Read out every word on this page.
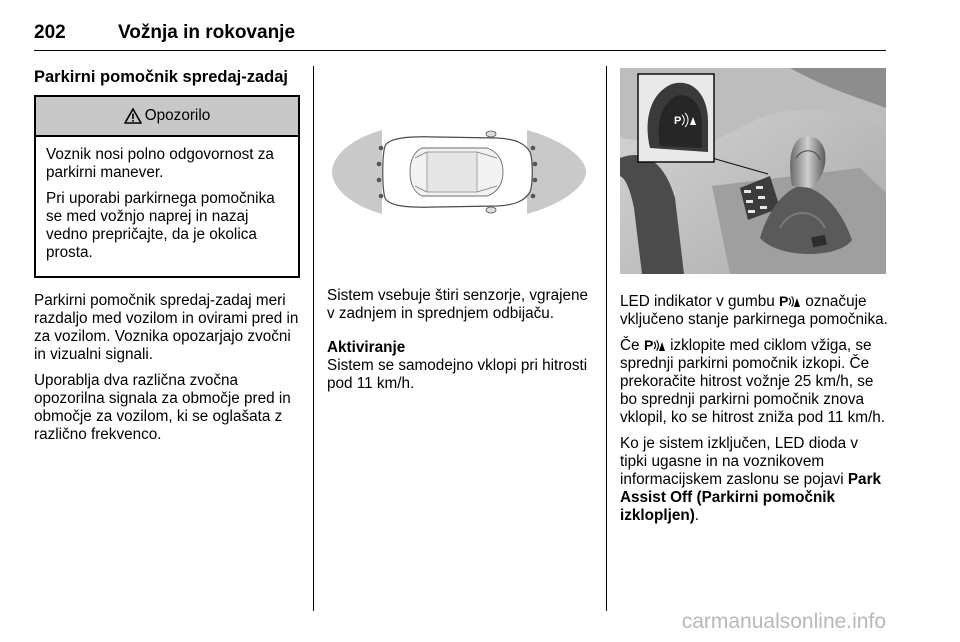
202	Vožnja in rokovanje
Parkirni pomočnik spredaj-zadaj
Opozorilo

Voznik nosi polno odgovornost za parkirni manever.

Pri uporabi parkirnega pomočnika se med vožnjo naprej in nazaj vedno prepričajte, da je okolica prosta.

Parkirni pomočnik spredaj-zadaj meri razdaljo med vozilom in ovirami pred in za vozilom. Voznika opozarjajo zvočni in vizualni signali.

Uporablja dva različna zvočna opozorilna signala za območje pred in območje za vozilom, ki se oglašata z različno frekvenco.

Sistem vsebuje štiri senzorje, vgrajene v zadnjem in sprednjem odbijaču.

Aktiviranje

Sistem se samodejno vklopi pri hitrosti pod 11 km/h.

P

LED indikator v gumbu P označuje vključeno stanje parkirnega pomočnika.

Če P izklopite med ciklom vžiga, se sprednji parkirni pomočnik izkopi. Če prekoračite hitrost vožnje 25 km/h, se bo sprednji parkirni pomočnik znova vklopil, ko se hitrost zniža pod 11 km/h.

Ko je sistem izključen, LED dioda v tipki ugasne in na voznikovem informacijskem zaslonu se pojavi Park Assist Off (Parkirni pomočnik izklopljen).

carmanualsonline.info
